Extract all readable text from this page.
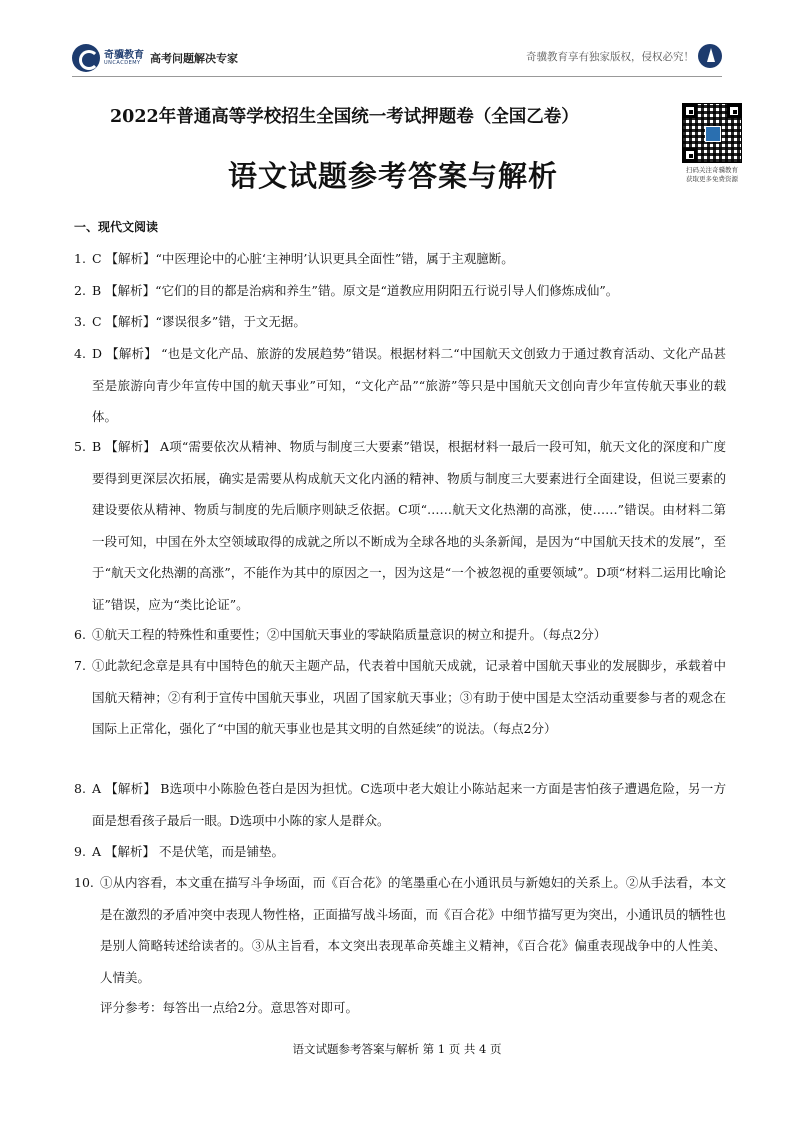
奇骥教育
UNCACDEMY 高考问题解决专家	奇骥教育享有独家版权，侵权必究！
2022年普通高等学校招生全国统一考试押题卷（全国乙卷）
语文试题参考答案与解析	扫码关注奇骥教育
获取更多免费资源
一、现代文阅读
1. C 【解析】“中医理论中的心脏‘主神明’认识更具全面性”错，属于主观臆断。
2. B 【解析】“它们的目的都是治病和养生”错。原文是“道教应用阴阳五行说引导人们修炼成仙”。
3. C 【解析】“谬误很多”错，于文无据。
4. D 【解析】 “也是文化产品、旅游的发展趋势”错误。根据材料二“中国航天文创致力于通过教育活动、文化产品甚至是旅游向青少年宣传中国的航天事业”可知，“文化产品”“旅游”等只是中国航天文创向青少年宣传航天事业的载体。
5. B 【解析】 A项“需要依次从精神、物质与制度三大要素”错误，根据材料一最后一段可知，航天文化的深度和广度要得到更深层次拓展，确实是需要从构成航天文化内涵的精神、物质与制度三大要素进行全面建设，但说三要素的建设要依从精神、物质与制度的先后顺序则缺乏依据。C项“……航天文化热潮的高涨，使……”错误。由材料二第一段可知，中国在外太空领域取得的成就之所以不断成为全球各地的头条新闻，是因为“中国航天技术的发展”，至于“航天文化热潮的高涨”，不能作为其中的原因之一，因为这是“一个被忽视的重要领域”。D项“材料二运用比喻论证”错误，应为“类比论证”。
6. ①航天工程的特殊性和重要性；②中国航天事业的零缺陷质量意识的树立和提升。（每点2分）
7. ①此款纪念章是具有中国特色的航天主题产品，代表着中国航天成就，记录着中国航天事业的发展脚步，承载着中国航天精神；②有利于宣传中国航天事业，巩固了国家航天事业；③有助于使中国是太空活动重要参与者的观念在国际上正常化，强化了“中国的航天事业也是其文明的自然延续”的说法。（每点2分）
8. A 【解析】 B选项中小陈脸色苍白是因为担忧。C选项中老大娘让小陈站起来一方面是害怕孩子遭遇危险，另一方面是想看孩子最后一眼。D选项中小陈的家人是群众。
9. A 【解析】 不是伏笔，而是铺垫。
10. ①从内容看，本文重在描写斗争场面，而《百合花》的笔墨重心在小通讯员与新媳妇的关系上。②从手法看，本文是在激烈的矛盾冲突中表现人物性格，正面描写战斗场面，而《百合花》中细节描写更为突出，小通讯员的牺牲也是别人简略转述给读者的。③从主旨看，本文突出表现革命英雄主义精神，《百合花》偏重表现战争中的人性美、人情美。
评分参考：每答出一点给2分。意思答对即可。
语文试题参考答案与解析 第 1 页 共 4 页
